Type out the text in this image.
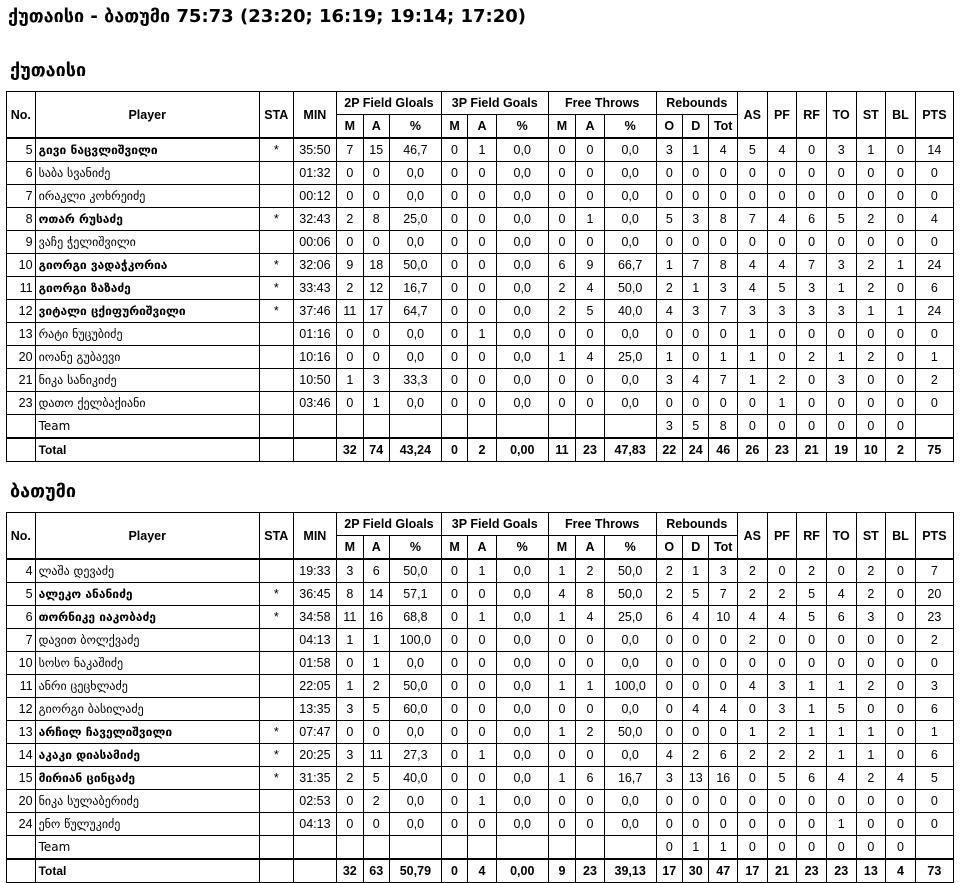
ქუთაისი - ბათუმი 75:73 (23:20; 16:19; 19:14; 17:20)
ქუთაისი
No.	Player	STA	MIN	2P Field Gloals			3P Field Goals			Free Throws			Rebounds			AS	PF	RF	TO	ST	BL	PTS
				M	A	%	M	A	%	M	A	%	O	D	Tot							
5	გივი ნაცვლიშვილი	*	35:50	7	15	46,7	0	1	0,0	0	0	0,0	3	1	4	5	4	0	3	1	0	14
6	საბა სვანიძე		01:32	0	0	0,0	0	0	0,0	0	0	0,0	0	0	0	0	0	0	0	0	0	0
7	ირაკლი კოხრეიძე		00:12	0	0	0,0	0	0	0,0	0	0	0,0	0	0	0	0	0	0	0	0	0	0
8	ოთარ რუსაძე	*	32:43	2	8	25,0	0	0	0,0	0	1	0,0	5	3	8	7	4	6	5	2	0	4
9	ვაჩე ჭელიშვილი		00:06	0	0	0,0	0	0	0,0	0	0	0,0	0	0	0	0	0	0	0	0	0	0
10	გიორგი ვადაჭკორია	*	32:06	9	18	50,0	0	0	0,0	6	9	66,7	1	7	8	4	4	7	3	2	1	24
11	გიორგი ზაზაძე	*	33:43	2	12	16,7	0	0	0,0	2	4	50,0	2	1	3	4	5	3	1	2	0	6
12	ვიტალი ცქიფურიშვილი	*	37:46	11	17	64,7	0	0	0,0	2	5	40,0	4	3	7	3	3	3	3	1	1	24
13	რატი ნუცუბიძე		01:16	0	0	0,0	0	1	0,0	0	0	0,0	0	0	0	1	0	0	0	0	0	0
20	იოანე გუბაევი		10:16	0	0	0,0	0	0	0,0	1	4	25,0	1	0	1	1	0	2	1	2	0	1
21	ნიკა სანიკიძე		10:50	1	3	33,3	0	0	0,0	0	0	0,0	3	4	7	1	2	0	3	0	0	2
23	დათო ქელბაქიანი		03:46	0	1	0,0	0	0	0,0	0	0	0,0	0	0	0	0	1	0	0	0	0	0
	Team												3	5	8	0	0	0	0	0	0	
	Total			32	74	43,24	0	2	0,00	11	23	47,83	22	24	46	26	23	21	19	10	2	75
ბათუმი
No.	Player	STA	MIN	2P Field Gloals			3P Field Goals			Free Throws			Rebounds			AS	PF	RF	TO	ST	BL	PTS
				M	A	%	M	A	%	M	A	%	O	D	Tot							
4	ლაშა დევაძე		19:33	3	6	50,0	0	1	0,0	1	2	50,0	2	1	3	2	0	2	0	2	0	7
5	ალეკო ანანიძე	*	36:45	8	14	57,1	0	0	0,0	4	8	50,0	2	5	7	2	2	5	4	2	0	20
6	თორნიკე იაკობაძე	*	34:58	11	16	68,8	0	1	0,0	1	4	25,0	6	4	10	4	4	5	6	3	0	23
7	დავით ბოლქვაძე		04:13	1	1	100,0	0	0	0,0	0	0	0,0	0	0	0	2	0	0	0	0	0	2
10	სოსო ნაკაშიძე		01:58	0	1	0,0	0	0	0,0	0	0	0,0	0	0	0	0	0	0	0	0	0	0
11	ანრი ცეცხლაძე		22:05	1	2	50,0	0	0	0,0	1	1	100,0	0	0	0	4	3	1	1	2	0	3
12	გიორგი ბასილაძე		13:35	3	5	60,0	0	0	0,0	0	0	0,0	0	4	4	0	3	1	5	0	0	6
13	არჩილ ჩაველიშვილი	*	07:47	0	0	0,0	0	0	0,0	1	2	50,0	0	0	0	1	2	1	1	1	0	1
14	აკაკი დიასამიძე	*	20:25	3	11	27,3	0	1	0,0	0	0	0,0	4	2	6	2	2	2	1	1	0	6
15	მირიან ცინცაძე	*	31:35	2	5	40,0	0	0	0,0	1	6	16,7	3	13	16	0	5	6	4	2	4	5
20	ნიკა სულაბერიძე		02:53	0	2	0,0	0	1	0,0	0	0	0,0	0	0	0	0	0	0	0	0	0	0
24	ენო წულუკიძე		04:13	0	0	0,0	0	0	0,0	0	0	0,0	0	0	0	0	0	0	1	0	0	0
	Team												0	1	1	0	0	0	0	0	0	
	Total			32	63	50,79	0	4	0,00	9	23	39,13	17	30	47	17	21	23	23	13	4	73
